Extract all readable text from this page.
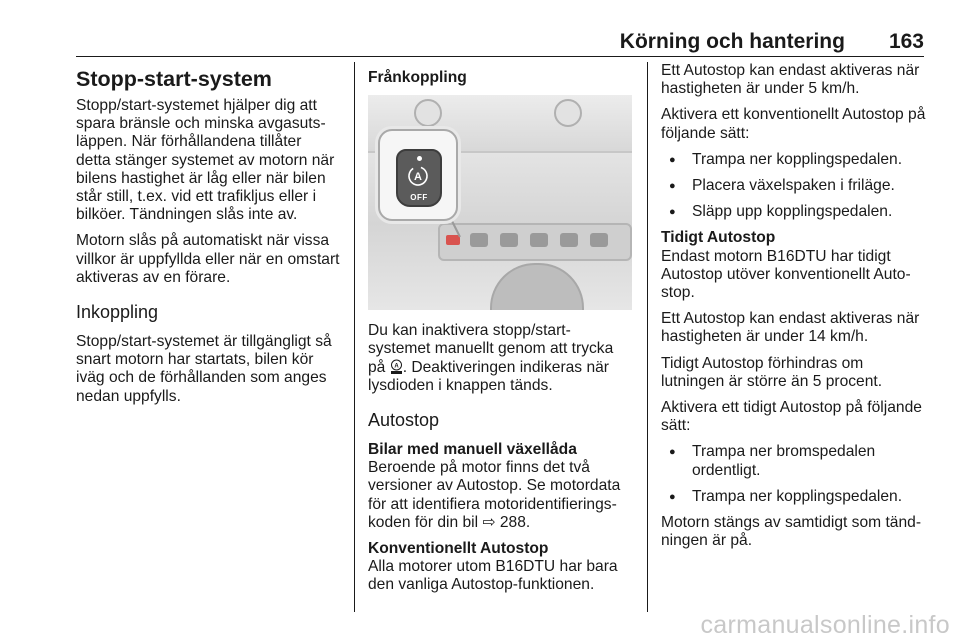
Körning och hantering 163
Stopp-start-system

Stopp/start-systemet hjälper dig att spara bränsle och minska avgasutsläppen. När förhållandena tillåter detta stänger systemet av motorn när bilens hastighet är låg eller när bilen står still, t.ex. vid ett trafikljus eller i bilköer. Tändningen slås inte av.

Motorn slås på automatiskt när vissa villkor är uppfyllda eller när en omstart aktiveras av en förare.

Inkoppling

Stopp/start-systemet är tillgängligt så snart motorn har startats, bilen kör iväg och de förhållanden som anges nedan uppfylls.

Frånkoppling
A
OFF

Du kan inaktivera stopp/start-systemet manuellt genom att trycka på A . Deaktiveringen indikeras när lysdioden i knappen tänds.

Autostop
Bilar med manuell växellåda

Beroende på motor finns det två versioner av Autostop. Se motordata för att identifiera motoridentifieringskoden för din bil ⇨ 288.

Konventionellt Autostop

Alla motorer utom B16DTU har bara den vanliga Autostop-funktionen.

Ett Autostop kan endast aktiveras när hastigheten är under 5 km/h.

Aktivera ett konventionellt Autostop på följande sätt:

● Trampa ner kopplingspedalen.
● Placera växelspaken i friläge.
● Släpp upp kopplingspedalen.
Tidigt Autostop

Endast motorn B16DTU har tidigt Autostop utöver konventionellt Autostop.

Ett Autostop kan endast aktiveras när hastigheten är under 14 km/h.

Tidigt Autostop förhindras om lutningen är större än 5 procent.

Aktivera ett tidigt Autostop på följande sätt:

● Trampa ner bromspedalen ordentligt.
● Trampa ner kopplingspedalen.

Motorn stängs av samtidigt som tändningen är på.

carmanualsonline.info
